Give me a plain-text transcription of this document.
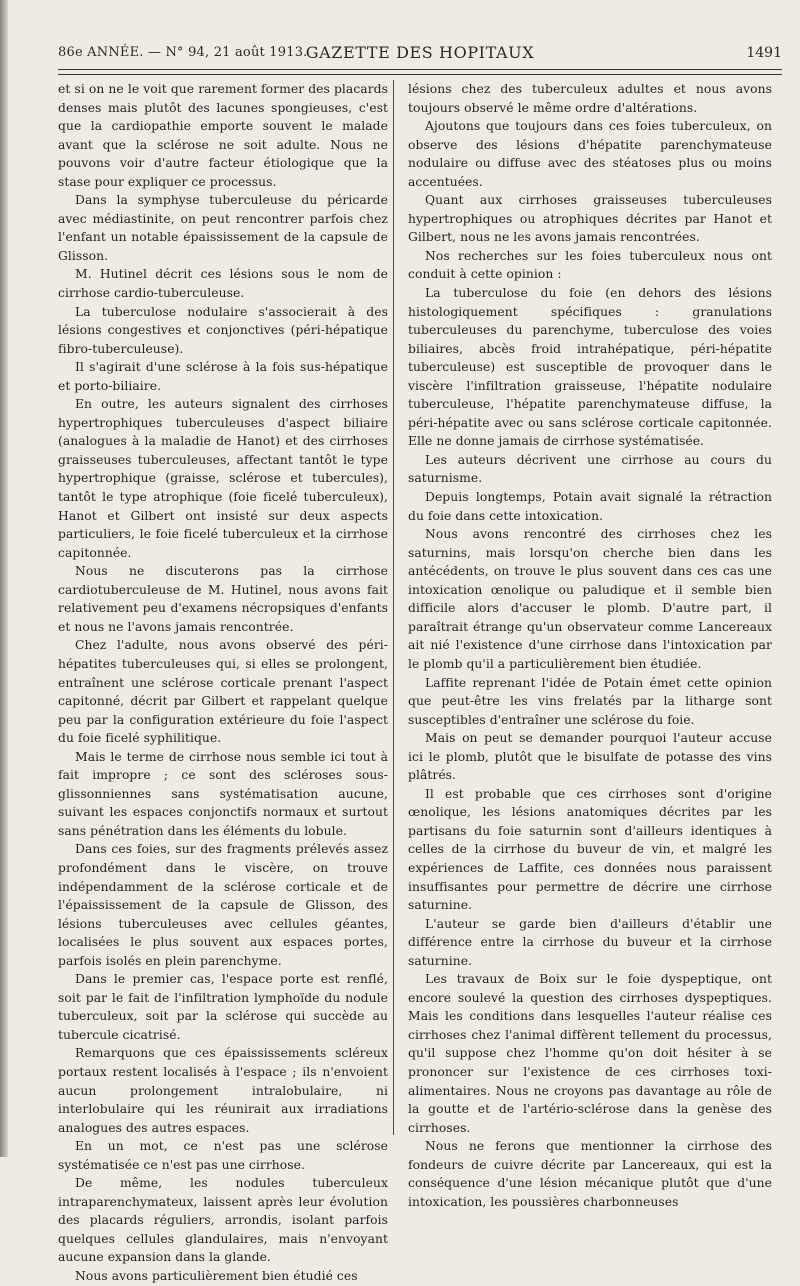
86e ANNÉE. — N° 94, 21 août 1913.
GAZETTE DES HOPITAUX	1491

et si on ne le voit que rarement former des placards denses mais plutôt des lacunes spongieuses, c'est que la cardiopathie emporte souvent le malade avant que la sclérose ne soit adulte. Nous ne pouvons voir d'autre facteur étiologique que la stase pour expliquer ce processus.

Dans la symphyse tuberculeuse du péricarde avec médiastinite, on peut rencontrer parfois chez l'enfant un notable épaississement de la capsule de Glisson.

M. Hutinel décrit ces lésions sous le nom de cirrhose cardio-tuberculeuse.

La tuberculose nodulaire s'associerait à des lésions congestives et conjonctives (péri-hépatique fibro-tuberculeuse).

Il s'agirait d'une sclérose à la fois sus-hépatique et porto-biliaire.

En outre, les auteurs signalent des cirrhoses hypertrophiques tuberculeuses d'aspect biliaire (analogues à la maladie de Hanot) et des cirrhoses graisseuses tuberculeuses, affectant tantôt le type hypertrophique (graisse, sclérose et tubercules), tantôt le type atrophique (foie ficelé tuberculeux), Hanot et Gilbert ont insisté sur deux aspects particuliers, le foie ficelé tuberculeux et la cirrhose capitonnée.

Nous ne discuterons pas la cirrhose cardiotuberculeuse de M. Hutinel, nous avons fait relativement peu d'examens nécropsiques d'enfants et nous ne l'avons jamais rencontrée.

Chez l'adulte, nous avons observé des péri-hépatites tuberculeuses qui, si elles se prolongent, entraînent une sclérose corticale prenant l'aspect capitonné, décrit par Gilbert et rappelant quelque peu par la configuration extérieure du foie l'aspect du foie ficelé syphilitique.

Mais le terme de cirrhose nous semble ici tout à fait impropre ; ce sont des scléroses sous-glissonniennes sans systématisation aucune, suivant les espaces conjonctifs normaux et surtout sans pénétration dans les éléments du lobule.

Dans ces foies, sur des fragments prélevés assez profondément dans le viscère, on trouve indépendamment de la sclérose corticale et de l'épaississement de la capsule de Glisson, des lésions tuberculeuses avec cellules géantes, localisées le plus souvent aux espaces portes, parfois isolés en plein parenchyme.

Dans le premier cas, l'espace porte est renflé, soit par le fait de l'infiltration lymphoïde du nodule tuberculeux, soit par la sclérose qui succède au tubercule cicatrisé.

Remarquons que ces épaississements scléreux portaux restent localisés à l'espace ; ils n'envoient aucun prolongement intralobulaire, ni interlobulaire qui les réunirait aux irradiations analogues des autres espaces.

En un mot, ce n'est pas une sclérose systématisée ce n'est pas une cirrhose.

De même, les nodules tuberculeux intraparenchymateux, laissent après leur évolution des placards réguliers, arrondis, isolant parfois quelques cellules glandulaires, mais n'envoyant aucune expansion dans la glande.

Nous avons particulièrement bien étudié ces

lésions chez des tuberculeux adultes et nous avons toujours observé le même ordre d'altérations.

Ajoutons que toujours dans ces foies tuberculeux, on observe des lésions d'hépatite parenchymateuse nodulaire ou diffuse avec des stéatoses plus ou moins accentuées.

Quant aux cirrhoses graisseuses tuberculeuses hypertrophiques ou atrophiques décrites par Hanot et Gilbert, nous ne les avons jamais rencontrées.

Nos recherches sur les foies tuberculeux nous ont conduit à cette opinion :

La tuberculose du foie (en dehors des lésions histologiquement spécifiques : granulations tuberculeuses du parenchyme, tuberculose des voies biliaires, abcès froid intrahépatique, péri-hépatite tuberculeuse) est susceptible de provoquer dans le viscère l'infiltration graisseuse, l'hépatite nodulaire tuberculeuse, l'hépatite parenchymateuse diffuse, la péri-hépatite avec ou sans sclérose corticale capitonnée. Elle ne donne jamais de cirrhose systématisée.

Les auteurs décrivent une cirrhose au cours du saturnisme.

Depuis longtemps, Potain avait signalé la rétraction du foie dans cette intoxication.

Nous avons rencontré des cirrhoses chez les saturnins, mais lorsqu'on cherche bien dans les antécédents, on trouve le plus souvent dans ces cas une intoxication œnolique ou paludique et il semble bien difficile alors d'accuser le plomb. D'autre part, il paraîtrait étrange qu'un observateur comme Lancereaux ait nié l'existence d'une cirrhose dans l'intoxication par le plomb qu'il a particulièrement bien étudiée.

Laffite reprenant l'idée de Potain émet cette opinion que peut-être les vins frelatés par la litharge sont susceptibles d'entraîner une sclérose du foie.

Mais on peut se demander pourquoi l'auteur accuse ici le plomb, plutôt que le bisulfate de potasse des vins plâtrés.

Il est probable que ces cirrhoses sont d'origine œnolique, les lésions anatomiques décrites par les partisans du foie saturnin sont d'ailleurs identiques à celles de la cirrhose du buveur de vin, et malgré les expériences de Laffite, ces données nous paraissent insuffisantes pour permettre de décrire une cirrhose saturnine.

L'auteur se garde bien d'ailleurs d'établir une différence entre la cirrhose du buveur et la cirrhose saturnine.

Les travaux de Boix sur le foie dyspeptique, ont encore soulevé la question des cirrhoses dyspeptiques. Mais les conditions dans lesquelles l'auteur réalise ces cirrhoses chez l'animal diffèrent tellement du processus, qu'il suppose chez l'homme qu'on doit hésiter à se prononcer sur l'existence de ces cirrhoses toxi-alimentaires. Nous ne croyons pas davantage au rôle de la goutte et de l'artério-sclérose dans la genèse des cirrhoses.

Nous ne ferons que mentionner la cirrhose des fondeurs de cuivre décrite par Lancereaux, qui est la conséquence d'une lésion mécanique plutôt que d'une intoxication, les poussières charbonneuses
